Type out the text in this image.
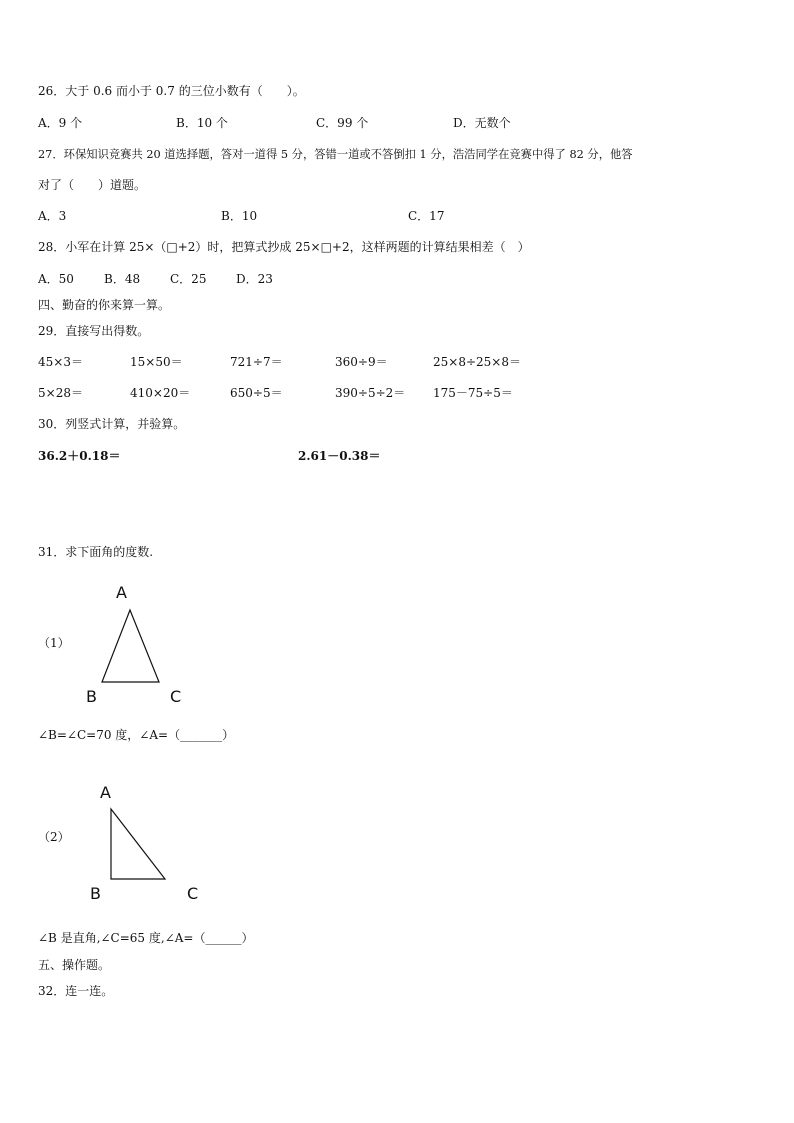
26．大于 0.6 而小于 0.7 的三位小数有（　　）。
A．9 个	B．10 个	C．99 个	D．无数个
27．环保知识竞赛共 20 道选择题，答对一道得 5 分，答错一道或不答倒扣 1 分，浩浩同学在竞赛中得了 82 分，他答
对了（　　）道题。
A．3	B．10	C．17
28．小军在计算 25×（□+2）时，把算式抄成 25×□+2，这样两题的计算结果相差（　）
A．50	B．48 C．25 D．23
四、勤奋的你来算一算。
29．直接写出得数。
45×3＝	15×50＝	721÷7＝	360÷9＝	25×8÷25×8＝
5×28＝	410×20＝	650÷5＝	390÷5÷2＝ 175－75÷5＝
30．列竖式计算，并验算。
36.2＋0.18＝	2.61－0.38＝
31．求下面角的度数.
（1）
A
B	C
∠B=∠C=70 度，∠A=（_______）
（2）
A
B	C
∠B 是直角,∠C=65 度,∠A=（______）
五、操作题。
32．连一连。
